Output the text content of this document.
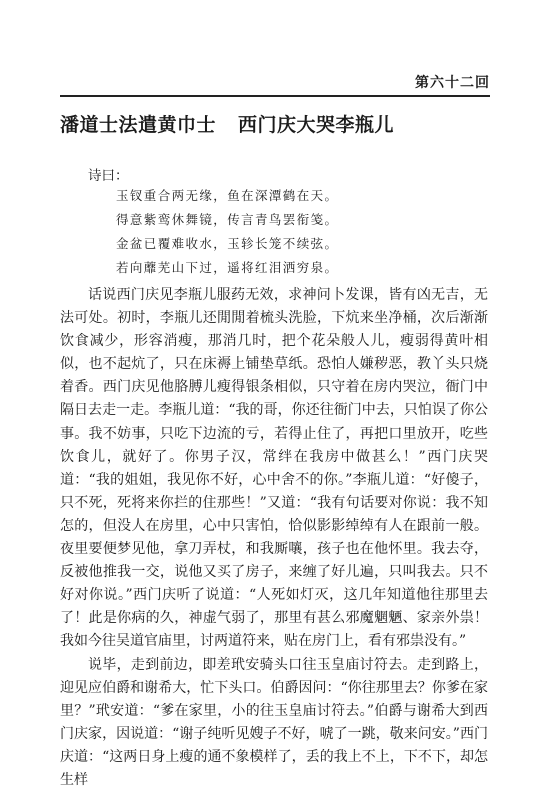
第六十二回
潘道士法遣黄巾士 西门庆大哭李瓶儿
诗曰：
玉钗重合两无缘，鱼在深潭鹤在天。
得意紫鸾休舞镜，传言青鸟罢衔笺。
金盆已覆难收水，玉轸长笼不续弦。
若向蘼芜山下过，遥将红泪洒穷泉。

话说西门庆见李瓶儿服药无效，求神问卜发课，皆有凶无吉，无法可处。初时，李瓶儿还閒閒着梳头洗脸，下炕来坐净桶，次后渐渐饮食减少，形容消瘦，那消几时，把个花朵般人儿，瘦弱得黄叶相似，也不起炕了，只在床褥上铺垫草纸。恐怕人嫌秽恶，教丫头只烧着香。西门庆见他胳膊儿瘦得银条相似，只守着在房内哭泣，衙门中隔日去走一走。李瓶儿道：“我的哥，你还往衙门中去，只怕误了你公事。我不妨事，只吃下边流的亏，若得止住了，再把口里放开，吃些饮食儿，就好了。你男子汉，常绊在我房中做甚么！”西门庆哭道：“我的姐姐，我见你不好，心中舍不的你。”李瓶儿道：“好傻子，只不死，死将来你拦的住那些！”又道：“我有句话要对你说：我不知怎的，但没人在房里，心中只害怕，恰似影影绰绰有人在跟前一般。夜里要便梦见他，拿刀弄杖，和我厮嚷，孩子也在他怀里。我去夺，反被他推我一交，说他又买了房子，来缠了好儿遍，只叫我去。只不好对你说。”西门庆听了说道：“人死如灯灭，这几年知道他往那里去了！此是你病的久，神虚气弱了，那里有甚么邪魔魍魉、家亲外祟！我如今往吴道官庙里，讨两道符来，贴在房门上，看有邪祟没有。”

说毕，走到前边，即差玳安骑头口往玉皇庙讨符去。走到路上，迎见应伯爵和谢希大，忙下头口。伯爵因问：“你往那里去？你爹在家里？”玳安道：“爹在家里，小的往玉皇庙讨符去。”伯爵与谢希大到西门庆家，因说道：“谢子纯听见嫂子不好，唬了一跳，敬来问安。”西门庆道：“这两日身上瘦的通不象模样了，丢的我上不上，下不下，却怎生样
